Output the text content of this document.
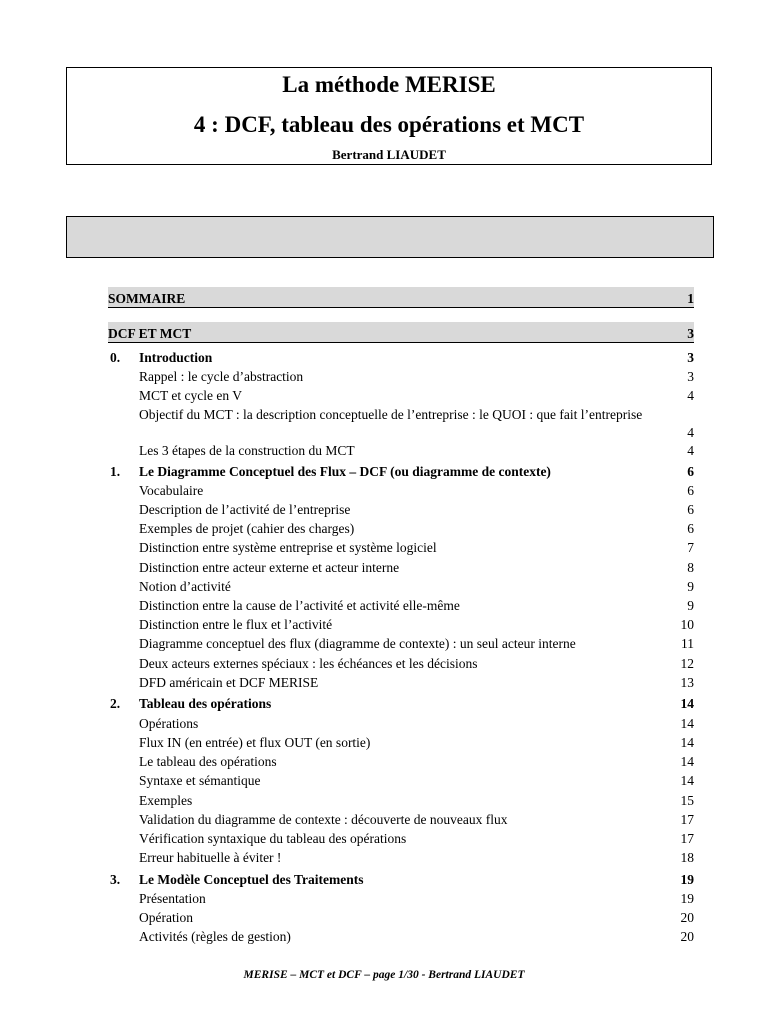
La méthode MERISE
4 : DCF, tableau des opérations et MCT
Bertrand LIAUDET
SOMMAIRE	1
DCF ET MCT	3
0. Introduction	3
Rappel : le cycle d’abstraction	3
MCT et cycle en V	4
Objectif du MCT : la description conceptuelle de l’entreprise : le QUOI : que fait l’entreprise
4
Les 3 étapes de la construction du MCT	4
1. Le Diagramme Conceptuel des Flux – DCF (ou diagramme de contexte)	6
Vocabulaire	6
Description de l’activité de l’entreprise	6
Exemples de projet (cahier des charges)	6
Distinction entre système entreprise et système logiciel	7
Distinction entre acteur externe et acteur interne	8
Notion d’activité	9
Distinction entre la cause de l’activité et activité elle-même	9
Distinction entre le flux et l’activité	10
Diagramme conceptuel des flux (diagramme de contexte) : un seul acteur interne	11
Deux acteurs externes spéciaux : les échéances et les décisions	12
DFD américain et DCF MERISE	13
2. Tableau des opérations	14
Opérations	14
Flux IN (en entrée) et flux OUT (en sortie)	14
Le tableau des opérations	14
Syntaxe et sémantique	14
Exemples	15
Validation du diagramme de contexte : découverte de nouveaux flux	17
Vérification syntaxique du tableau des opérations	17
Erreur habituelle à éviter !	18
3. Le Modèle Conceptuel des Traitements	19
Présentation	19
Opération	20
Activités (règles de gestion)	20
MERISE – MCT et DCF – page 1/30 - Bertrand LIAUDET
